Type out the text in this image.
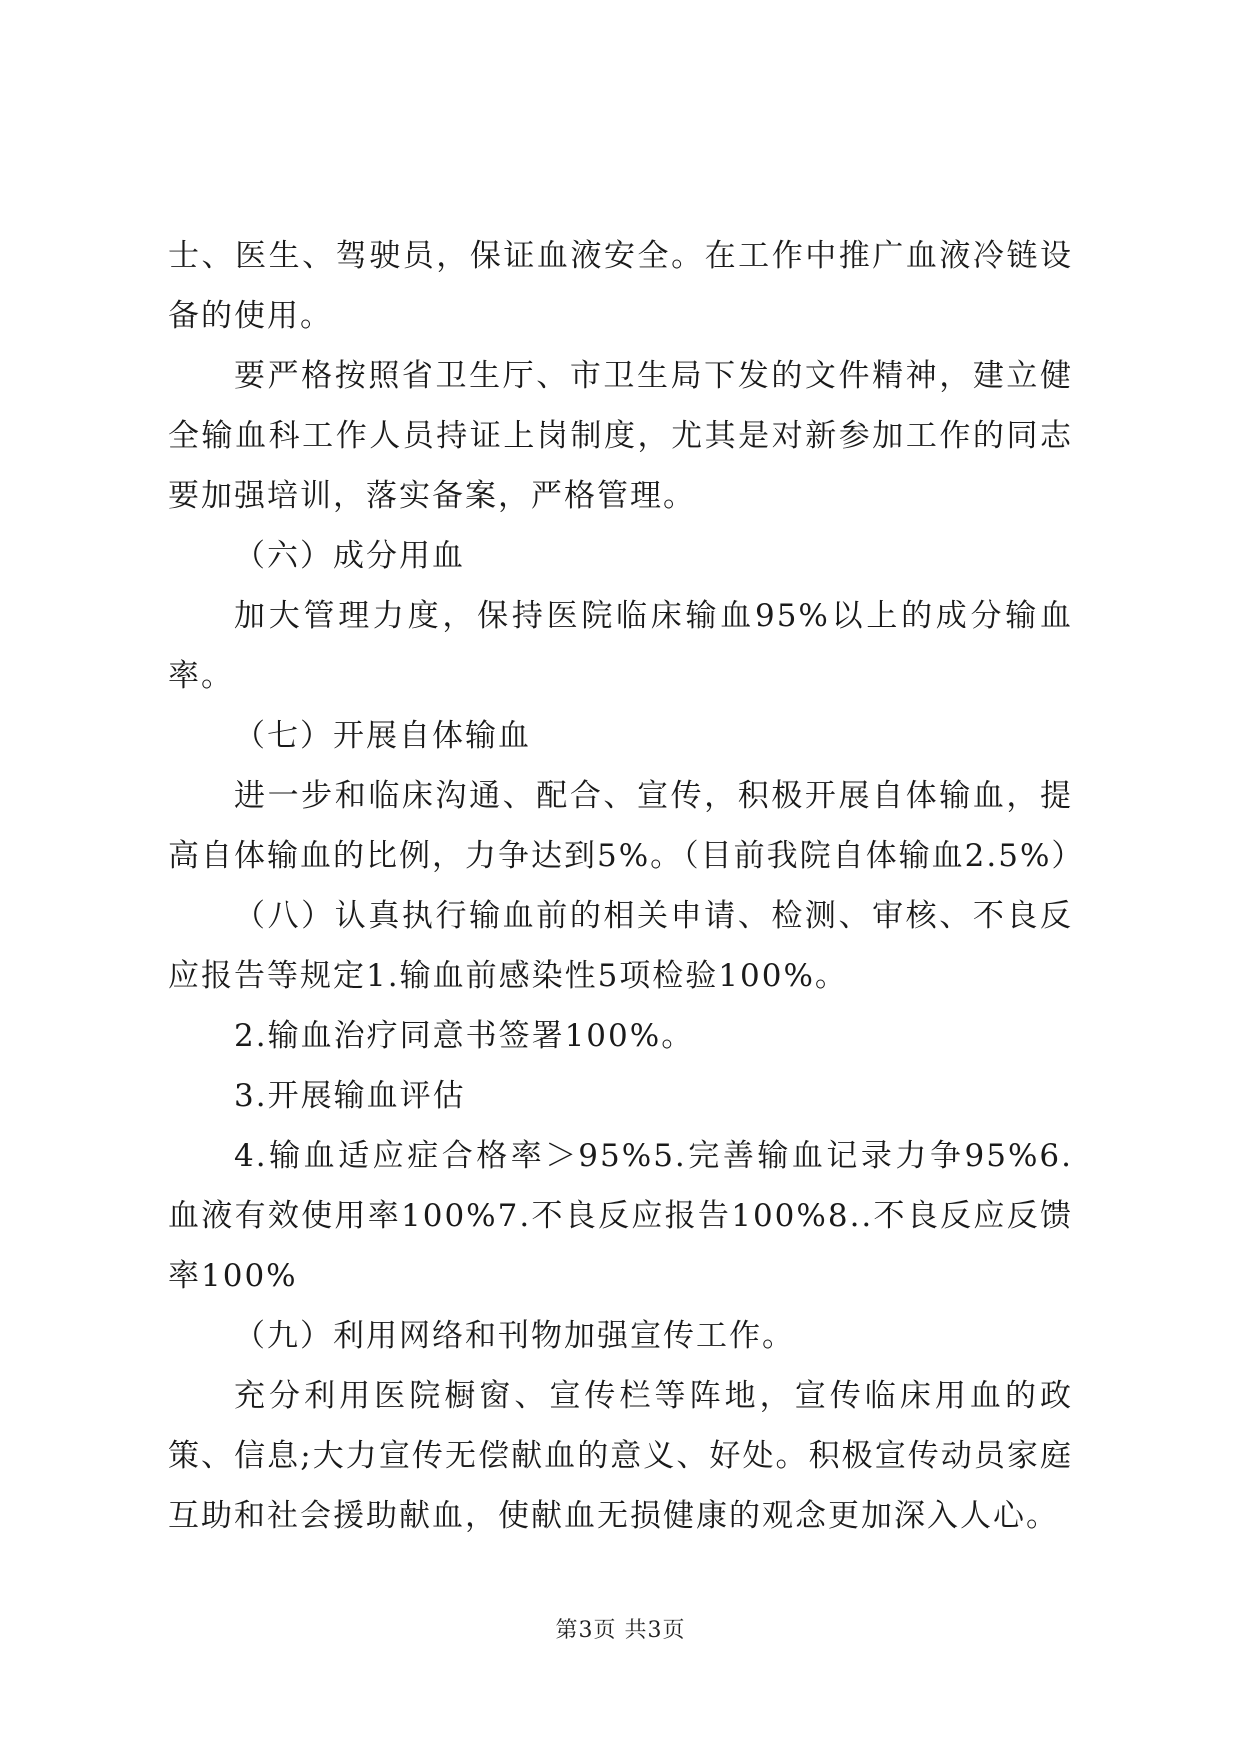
士、医生、驾驶员，保证血液安全。在工作中推广血液冷链设备的使用。

要严格按照省卫生厅、市卫生局下发的文件精神，建立健全输血科工作人员持证上岗制度，尤其是对新参加工作的同志要加强培训，落实备案，严格管理。

（六）成分用血

加大管理力度，保持医院临床输血95%以上的成分输血率。

（七）开展自体输血

进一步和临床沟通、配合、宣传，积极开展自体输血，提高自体输血的比例，力争达到5%。（目前我院自体输血2.5%）

（八）认真执行输血前的相关申请、检测、审核、不良反应报告等规定1.输血前感染性5项检验100%。

2.输血治疗同意书签署100%。

3.开展输血评估

4.输血适应症合格率＞95%5.完善输血记录力争95%6.血液有效使用率100%7.不良反应报告100%8..不良反应反馈率100%

（九）利用网络和刊物加强宣传工作。

充分利用医院橱窗、宣传栏等阵地，宣传临床用血的政策、信息;大力宣传无偿献血的意义、好处。积极宣传动员家庭互助和社会援助献血，使献血无损健康的观念更加深入人心。

第3页 共3页
